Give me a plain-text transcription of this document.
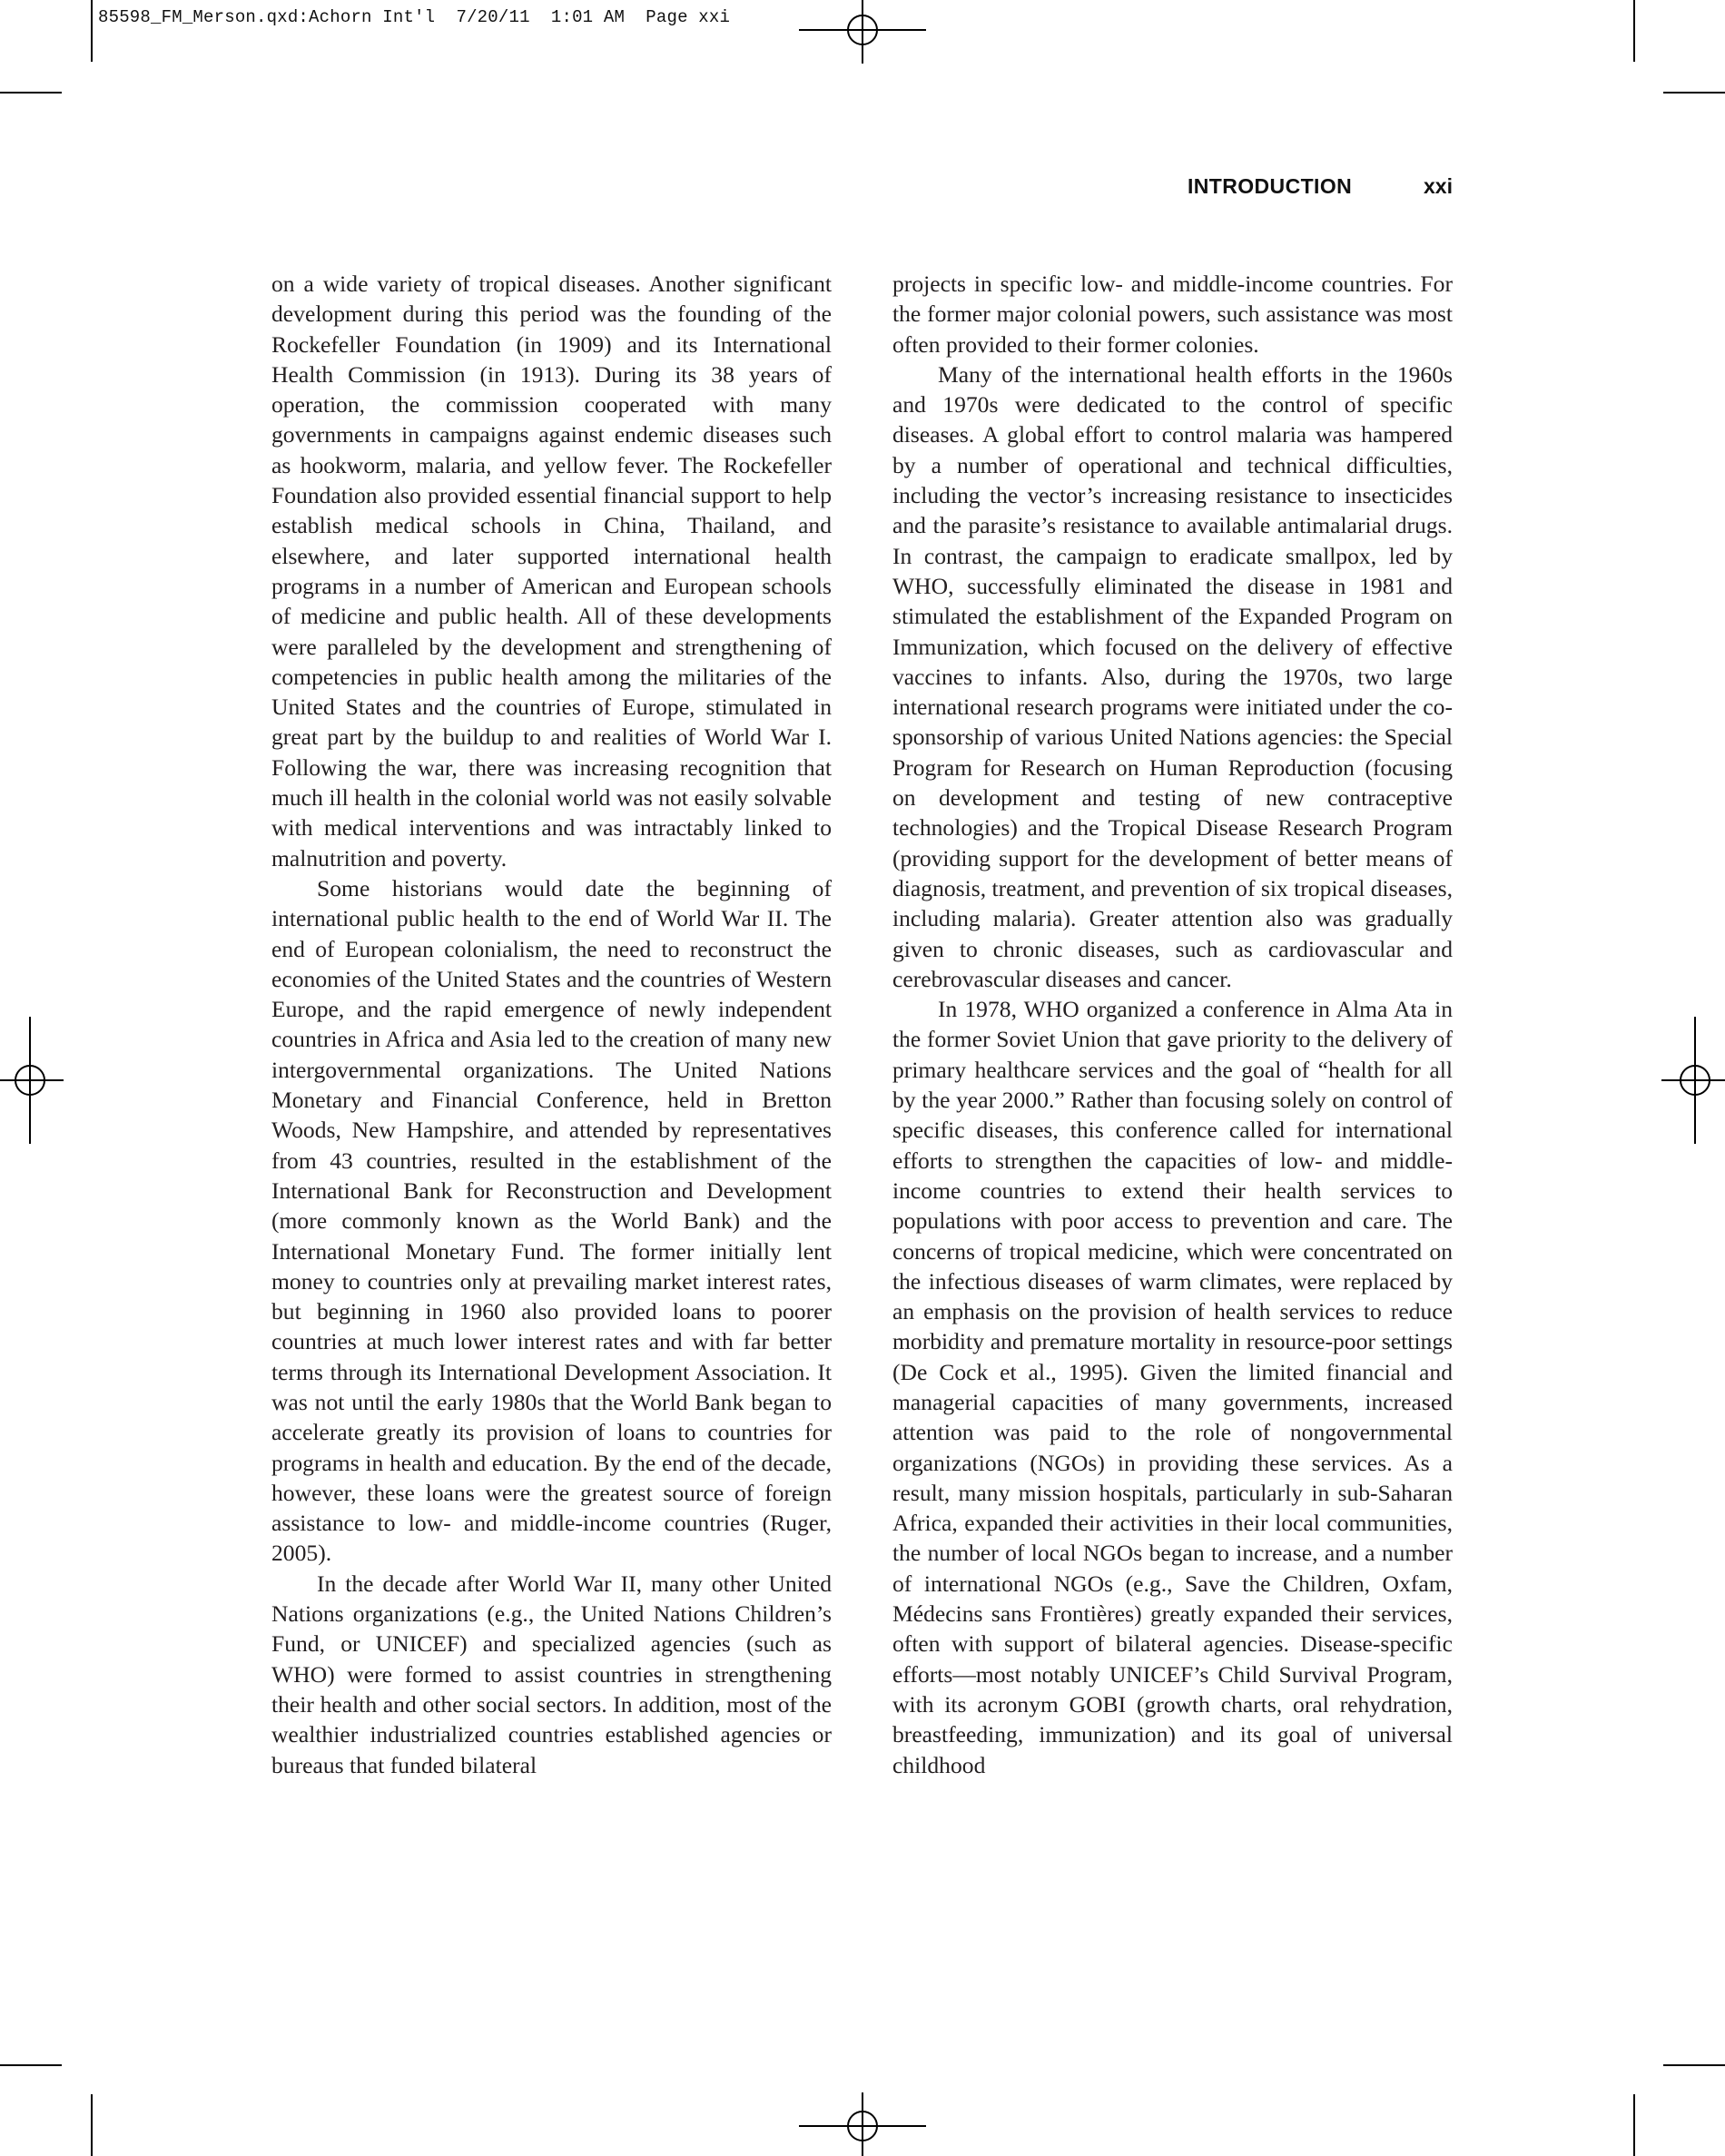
85598_FM_Merson.qxd:Achorn Int'l  7/20/11  1:01 AM  Page xxi
INTRODUCTION	xxi

on a wide variety of tropical diseases. Another significant development during this period was the founding of the Rockefeller Foundation (in 1909) and its International Health Commission (in 1913). During its 38 years of operation, the commission cooperated with many governments in campaigns against endemic diseases such as hookworm, malaria, and yellow fever. The Rockefeller Foundation also provided essential financial support to help establish medical schools in China, Thailand, and elsewhere, and later supported international health programs in a number of American and European schools of medicine and public health. All of these developments were paralleled by the development and strengthening of competencies in public health among the militaries of the United States and the countries of Europe, stimulated in great part by the buildup to and realities of World War I. Following the war, there was increasing recognition that much ill health in the colonial world was not easily solvable with medical interventions and was intractably linked to malnutrition and poverty.

Some historians would date the beginning of international public health to the end of World War II. The end of European colonialism, the need to reconstruct the economies of the United States and the countries of Western Europe, and the rapid emergence of newly independent countries in Africa and Asia led to the creation of many new intergovernmental organizations. The United Nations Monetary and Financial Conference, held in Bretton Woods, New Hampshire, and attended by representatives from 43 countries, resulted in the establishment of the International Bank for Reconstruction and Development (more commonly known as the World Bank) and the International Monetary Fund. The former initially lent money to countries only at prevailing market interest rates, but beginning in 1960 also provided loans to poorer countries at much lower interest rates and with far better terms through its International Development Association. It was not until the early 1980s that the World Bank began to accelerate greatly its provision of loans to countries for programs in health and education. By the end of the decade, however, these loans were the greatest source of foreign assistance to low- and middle-income countries (Ruger, 2005).

In the decade after World War II, many other United Nations organizations (e.g., the United Nations Children’s Fund, or UNICEF) and specialized agencies (such as WHO) were formed to assist countries in strengthening their health and other social sectors. In addition, most of the wealthier industrialized countries established agencies or bureaus that funded bilateral

projects in specific low- and middle-income countries. For the former major colonial powers, such assistance was most often provided to their former colonies.

Many of the international health efforts in the 1960s and 1970s were dedicated to the control of specific diseases. A global effort to control malaria was hampered by a number of operational and technical difficulties, including the vector’s increasing resistance to insecticides and the parasite’s resistance to available antimalarial drugs. In contrast, the campaign to eradicate smallpox, led by WHO, successfully eliminated the disease in 1981 and stimulated the establishment of the Expanded Program on Immunization, which focused on the delivery of effective vaccines to infants. Also, during the 1970s, two large international research programs were initiated under the co-sponsorship of various United Nations agencies: the Special Program for Research on Human Reproduction (focusing on development and testing of new contraceptive technologies) and the Tropical Disease Research Program (providing support for the development of better means of diagnosis, treatment, and prevention of six tropical diseases, including malaria). Greater attention also was gradually given to chronic diseases, such as cardiovascular and cerebrovascular diseases and cancer.

In 1978, WHO organized a conference in Alma Ata in the former Soviet Union that gave priority to the delivery of primary healthcare services and the goal of “health for all by the year 2000.” Rather than focusing solely on control of specific diseases, this conference called for international efforts to strengthen the capacities of low- and middle-income countries to extend their health services to populations with poor access to prevention and care. The concerns of tropical medicine, which were concentrated on the infectious diseases of warm climates, were replaced by an emphasis on the provision of health services to reduce morbidity and premature mortality in resource-poor settings (De Cock et al., 1995). Given the limited financial and managerial capacities of many governments, increased attention was paid to the role of nongovernmental organizations (NGOs) in providing these services. As a result, many mission hospitals, particularly in sub-Saharan Africa, expanded their activities in their local communities, the number of local NGOs began to increase, and a number of international NGOs (e.g., Save the Children, Oxfam, Médecins sans Frontières) greatly expanded their services, often with support of bilateral agencies. Disease-specific efforts—most notably UNICEF’s Child Survival Program, with its acronym GOBI (growth charts, oral rehydration, breastfeeding, immunization) and its goal of universal childhood
